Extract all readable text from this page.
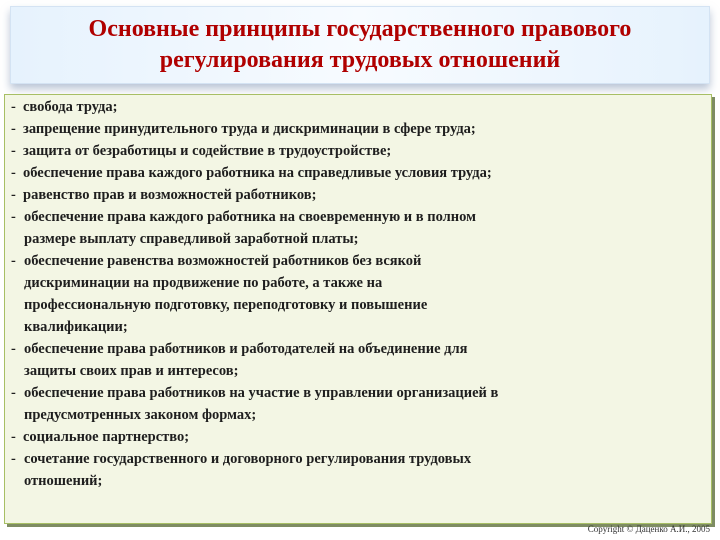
Основные принципы государственного правового
регулирования трудовых отношений
- свобода труда;
- запрещение принудительного труда и дискриминации в сфере труда;
- защита от безработицы и содействие в трудоустройстве;
- обеспечение права каждого работника на справедливые условия труда;
- равенство прав и возможностей работников;
- обеспечение права каждого работника на своевременную и в полном
размере выплату справедливой заработной платы;
- обеспечение равенства возможностей работников без всякой
дискриминации на продвижение по работе, а также на
профессиональную подготовку, переподготовку и повышение
квалификации;
- обеспечение права работников и работодателей на объединение для
защиты своих прав и интересов;
- обеспечение права работников на участие в управлении организацией в
предусмотренных законом формах;
- социальное партнерство;
- сочетание государственного и договорного регулирования трудовых
отношений;
Copyright © Даценко А.И., 2005
